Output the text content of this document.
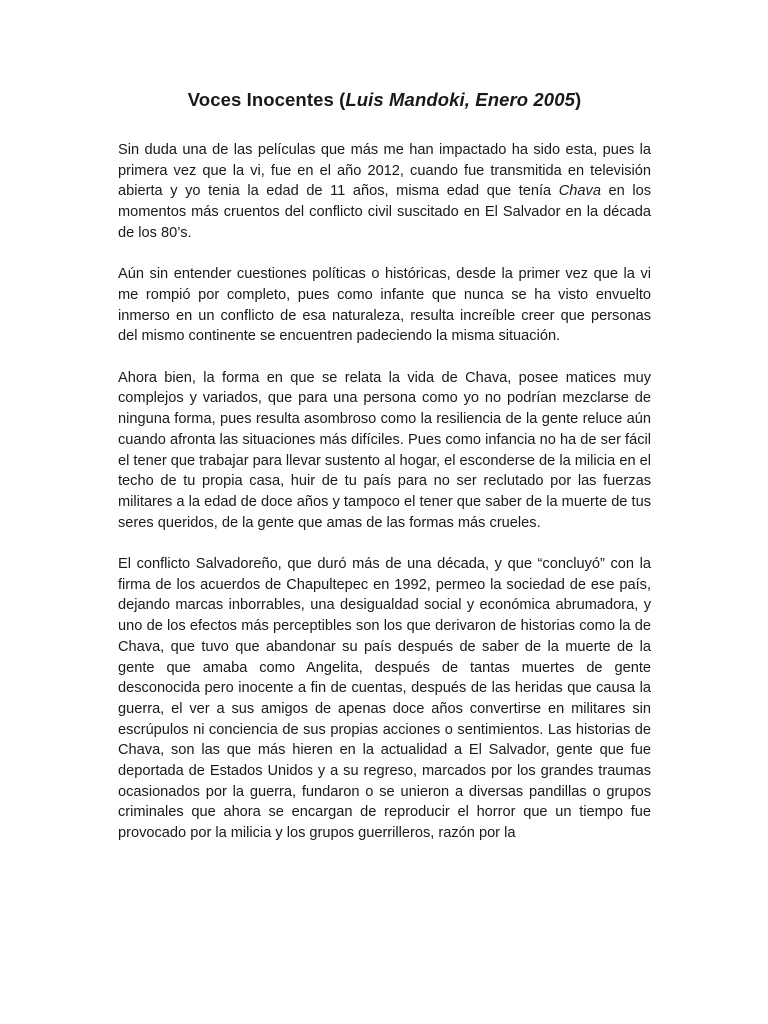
Voces Inocentes (Luis Mandoki, Enero 2005)

Sin duda una de las películas que más me han impactado ha sido esta, pues la primera vez que la vi, fue en el año 2012, cuando fue transmitida en televisión abierta y yo tenia la edad de 11 años, misma edad que tenía Chava en los momentos más cruentos del conflicto civil suscitado en El Salvador en la década de los 80’s.

Aún sin entender cuestiones políticas o históricas, desde la primer vez que la vi me rompió por completo, pues como infante que nunca se ha visto envuelto inmerso en un conflicto de esa naturaleza, resulta increíble creer que personas del mismo continente se encuentren padeciendo la misma situación.

Ahora bien, la forma en que se relata la vida de Chava, posee matices muy complejos y variados, que para una persona como yo no podrían mezclarse de ninguna forma, pues resulta asombroso como la resiliencia de la gente reluce aún cuando afronta las situaciones más difíciles. Pues como infancia no ha de ser fácil el tener que trabajar para llevar sustento al hogar, el esconderse de la milicia en el techo de tu propia casa, huir de tu país para no ser reclutado por las fuerzas militares a la edad de doce años y tampoco el tener que saber de la muerte de tus seres queridos, de la gente que amas de las formas más crueles.

El conflicto Salvadoreño, que duró más de una década, y que “concluyó” con la firma de los acuerdos de Chapultepec en 1992, permeo la sociedad de ese país, dejando marcas inborrables, una desigualdad social y económica abrumadora, y uno de los efectos más perceptibles son los que derivaron de historias como la de Chava, que tuvo que abandonar su país después de saber de la muerte de la gente que amaba como Angelita, después de tantas muertes de gente desconocida pero inocente a fin de cuentas, después de las heridas que causa la guerra, el ver a sus amigos de apenas doce años convertirse en militares sin escrúpulos ni conciencia de sus propias acciones o sentimientos. Las historias de Chava, son las que más hieren en la actualidad a El Salvador, gente que fue deportada de Estados Unidos y a su regreso, marcados por los grandes traumas ocasionados por la guerra, fundaron o se unieron a diversas pandillas o grupos criminales que ahora se encargan de reproducir el horror que un tiempo fue provocado por la milicia y los grupos guerrilleros, razón por la
